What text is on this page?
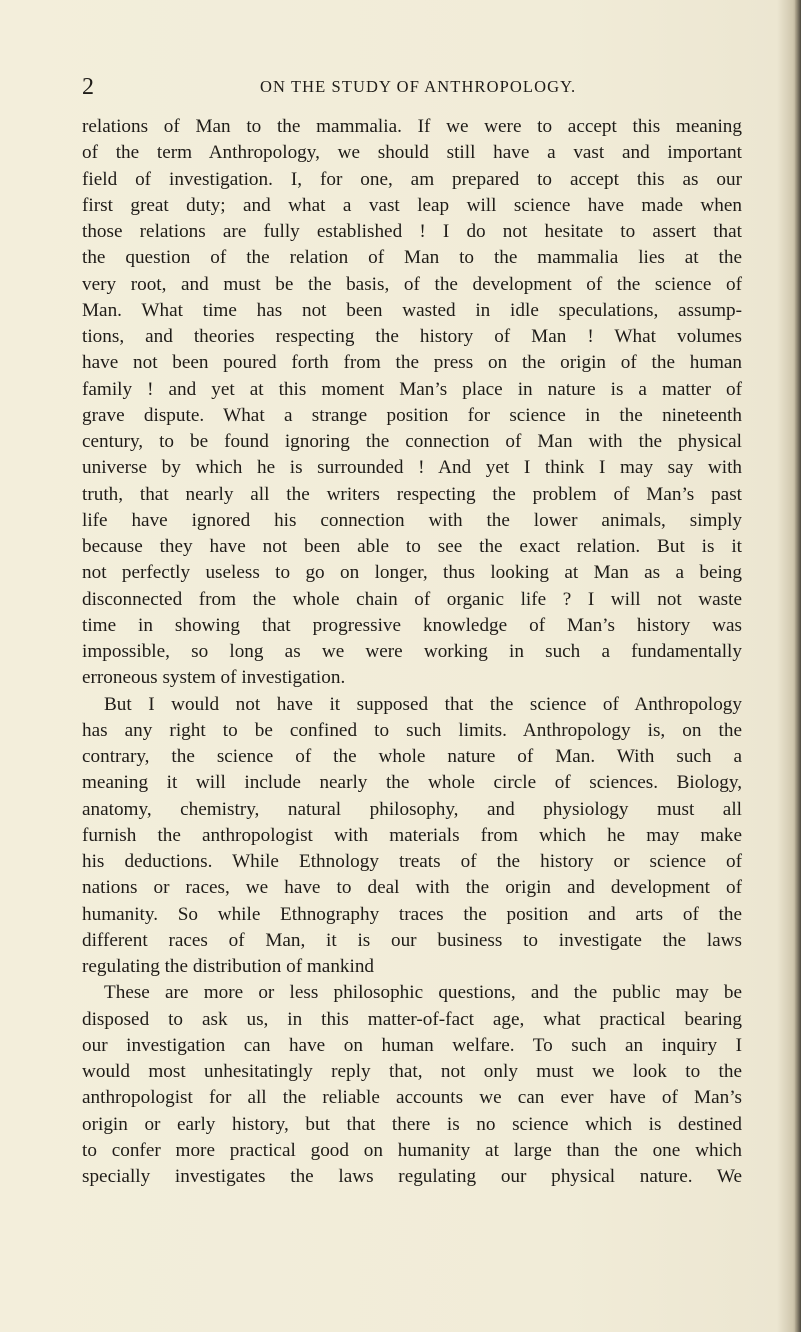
2	ON THE STUDY OF ANTHROPOLOGY.
relations of Man to the mammalia. If we were to accept this meaning
of the term Anthropology, we should still have a vast and important
field of investigation. I, for one, am prepared to accept this as our
first great duty; and what a vast leap will science have made when
those relations are fully established ! I do not hesitate to assert that
the question of the relation of Man to the mammalia lies at the
very root, and must be the basis, of the development of the science of
Man. What time has not been wasted in idle speculations, assump-
tions, and theories respecting the history of Man ! What volumes
have not been poured forth from the press on the origin of the human
family ! and yet at this moment Man’s place in nature is a matter of
grave dispute. What a strange position for science in the nineteenth
century, to be found ignoring the connection of Man with the physical
universe by which he is surrounded ! And yet I think I may say with
truth, that nearly all the writers respecting the problem of Man’s past
life have ignored his connection with the lower animals, simply
because they have not been able to see the exact relation. But is it
not perfectly useless to go on longer, thus looking at Man as a being
disconnected from the whole chain of organic life ? I will not waste
time in showing that progressive knowledge of Man’s history was
impossible, so long as we were working in such a fundamentally
erroneous system of investigation.
But I would not have it supposed that the science of Anthropology
has any right to be confined to such limits. Anthropology is, on the
contrary, the science of the whole nature of Man. With such a
meaning it will include nearly the whole circle of sciences. Biology,
anatomy, chemistry, natural philosophy, and physiology must all
furnish the anthropologist with materials from which he may make
his deductions. While Ethnology treats of the history or science of
nations or races, we have to deal with the origin and development of
humanity. So while Ethnography traces the position and arts of the
different races of Man, it is our business to investigate the laws
regulating the distribution of mankind
These are more or less philosophic questions, and the public may be
disposed to ask us, in this matter-of-fact age, what practical bearing
our investigation can have on human welfare. To such an inquiry I
would most unhesitatingly reply that, not only must we look to the
anthropologist for all the reliable accounts we can ever have of Man’s
origin or early history, but that there is no science which is destined
to confer more practical good on humanity at large than the one which
specially investigates the laws regulating our physical nature. We
